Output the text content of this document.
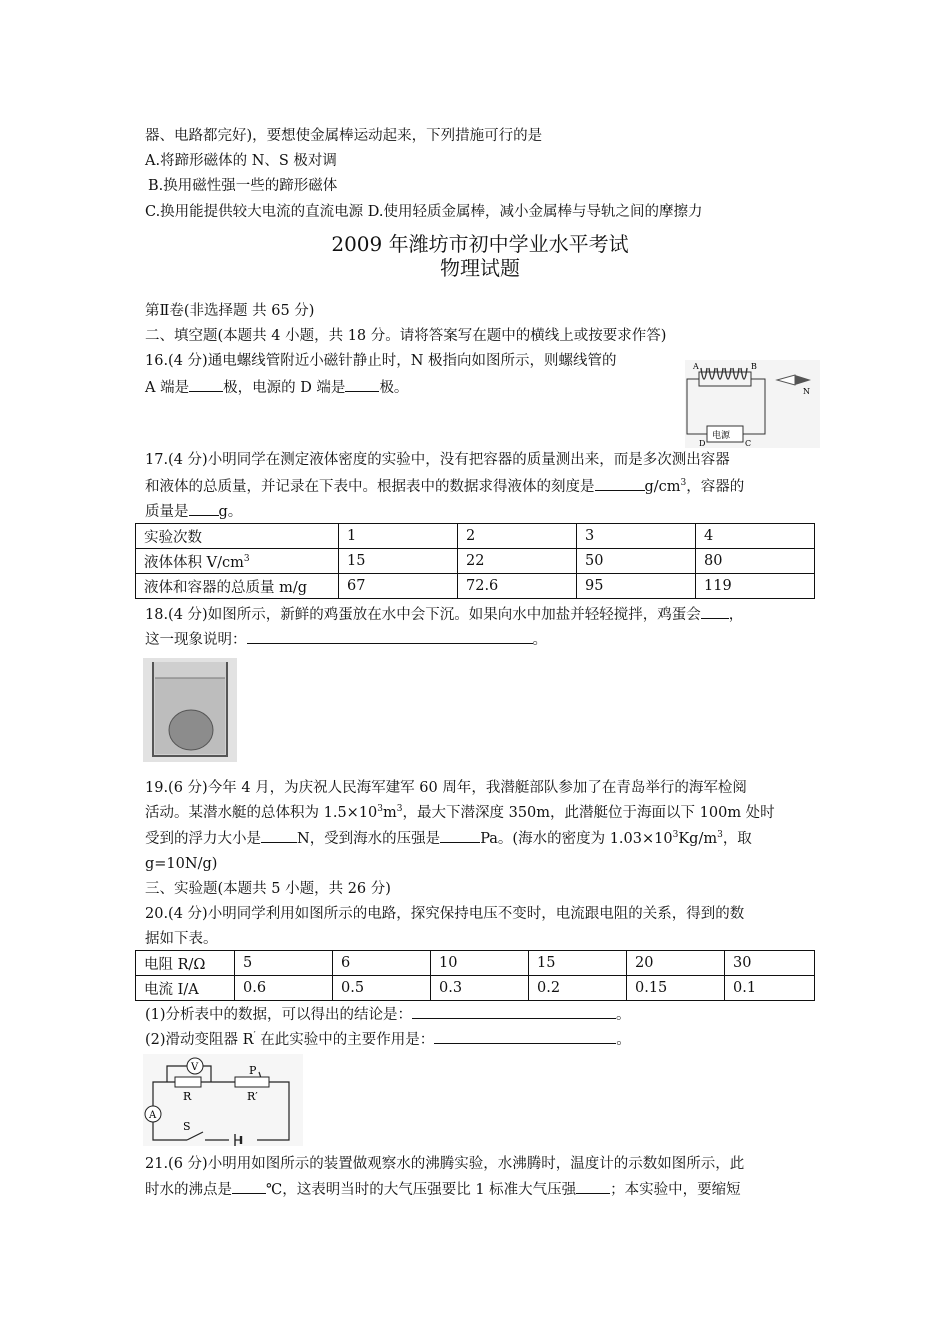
器、电路都完好)，要想使金属棒运动起来，下列措施可行的是
A.将蹄形磁体的 N、S 极对调
B.换用磁性强一些的蹄形磁体
C.换用能提供较大电流的直流电源 D.使用轻质金属棒，减小金属棒与导轨之间的摩擦力
2009 年潍坊市初中学业水平考试
物理试题
第Ⅱ卷(非选择题 共 65 分)
二、填空题(本题共 4 小题，共 18 分。请将答案写在题中的横线上或按要求作答)
16.(4 分)通电螺线管附近小磁针静止时，N 极指向如图所示，则螺线管的
A 端是 极，电源的 D 端是 极。
A	B
N
D	C
电源
17.(4 分)小明同学在测定液体密度的实验中，没有把容器的质量测出来，而是多次测出容器
和液体的总质量，并记录在下表中。根据表中的数据求得液体的刻度是	$g/cm^3$，容器的
质量是 g。
实验次数	1	2	3	4
液体体积 $V/cm^3$	15	22	50	80
液体和容器的总质量 m/g	67	72.6	95	119
18.(4 分)如图所示，新鲜的鸡蛋放在水中会下沉。如果向水中加盐并轻轻搅拌，鸡蛋会 ，
这一现象说明：	。
19.(6 分)今年 4 月，为庆祝人民海军建军 60 周年，我潜艇部队参加了在青岛举行的海军检阅
活动。某潜水艇的总体积为 $1.5\times 10^3m^3$，最大下潜深度 350m，此潜艇位于海面以下 100m 处时
受到的浮力大小是 N，受到海水的压强是	Pa。(海水的密度为 $1.03\times 10^3Kg/m^3$，取
g=10N/g)
三、实验题(本题共 5 小题，共 26 分)
20.(4 分)小明同学利用如图所示的电路，探究保持电压不变时，电流跟电阻的关系，得到的数
据如下表。
电阻 R/Ω	5	6	10	15	20	30
电流 I/A	0.6	0.5	0.3	0.2	0.15	0.1
(1)分析表中的数据，可以得出的结论是：	。
(2)滑动变阻器 R′ 在此实验中的主要作用是：	。
V
A
R	R′
P
S
21.(6 分)小明用如图所示的装置做观察水的沸腾实验，水沸腾时，温度计的示数如图所示，此
时水的沸点是 ℃，这表明当时的大气压强要比 1 标准大气压强 ；本实验中，要缩短
